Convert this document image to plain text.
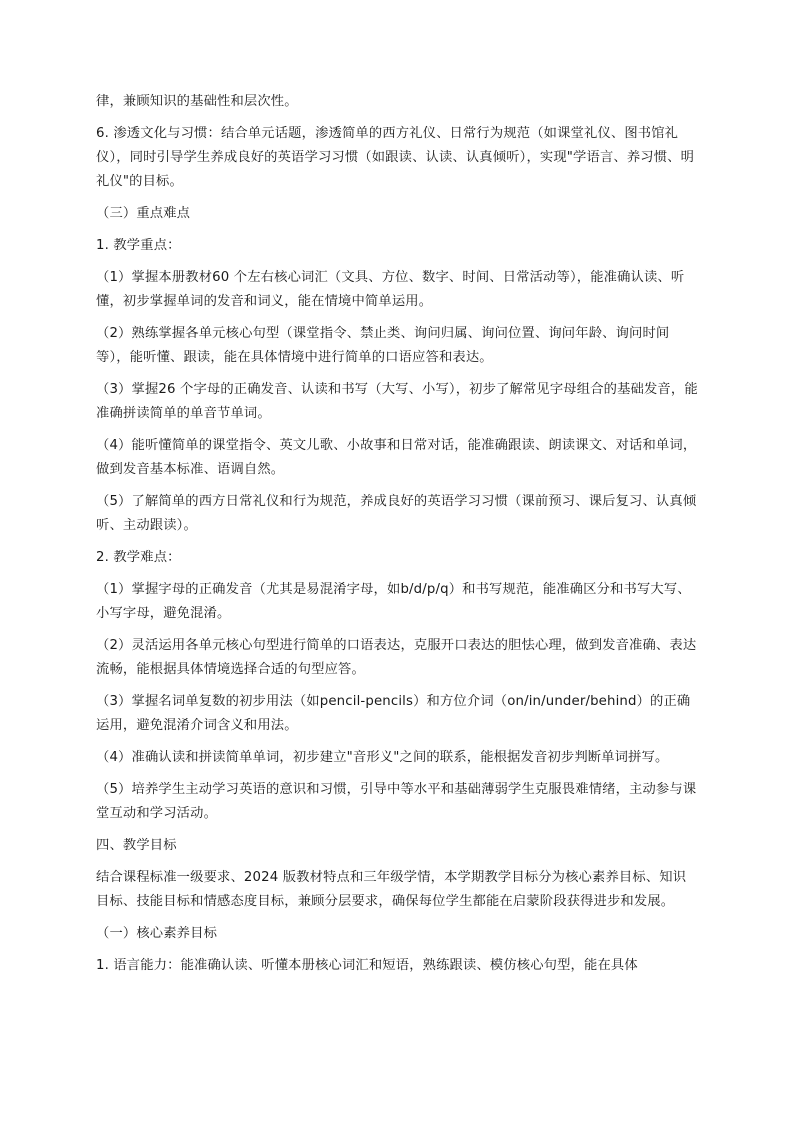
律，兼顾知识的基础性和层次性。

6. 渗透文化与习惯：结合单元话题，渗透简单的西方礼仪、日常行为规范（如课堂礼仪、图书馆礼仪），同时引导学生养成良好的英语学习习惯（如跟读、认读、认真倾听），实现"学语言、养习惯、明礼仪"的目标。

（三）重点难点

1. 教学重点：

（1）掌握本册教材60 个左右核心词汇（文具、方位、数字、时间、日常活动等），能准确认读、听懂，初步掌握单词的发音和词义，能在情境中简单运用。

（2）熟练掌握各单元核心句型（课堂指令、禁止类、询问归属、询问位置、询问年龄、询问时间等），能听懂、跟读，能在具体情境中进行简单的口语应答和表达。

（3）掌握26 个字母的正确发音、认读和书写（大写、小写），初步了解常见字母组合的基础发音，能准确拼读简单的单音节单词。

（4）能听懂简单的课堂指令、英文儿歌、小故事和日常对话，能准确跟读、朗读课文、对话和单词，做到发音基本标准、语调自然。

（5）了解简单的西方日常礼仪和行为规范，养成良好的英语学习习惯（课前预习、课后复习、认真倾听、主动跟读）。

2. 教学难点：

（1）掌握字母的正确发音（尤其是易混淆字母，如b/d/p/q）和书写规范，能准确区分和书写大写、小写字母，避免混淆。

（2）灵活运用各单元核心句型进行简单的口语表达，克服开口表达的胆怯心理，做到发音准确、表达流畅，能根据具体情境选择合适的句型应答。

（3）掌握名词单复数的初步用法（如pencil-pencils）和方位介词（on/in/under/behind）的正确运用，避免混淆介词含义和用法。

（4）准确认读和拼读简单单词，初步建立"音形义"之间的联系，能根据发音初步判断单词拼写。

（5）培养学生主动学习英语的意识和习惯，引导中等水平和基础薄弱学生克服畏难情绪，主动参与课堂互动和学习活动。

四、教学目标

结合课程标准一级要求、2024 版教材特点和三年级学情，本学期教学目标分为核心素养目标、知识目标、技能目标和情感态度目标，兼顾分层要求，确保每位学生都能在启蒙阶段获得进步和发展。

（一）核心素养目标

1. 语言能力：能准确认读、听懂本册核心词汇和短语，熟练跟读、模仿核心句型，能在具体
